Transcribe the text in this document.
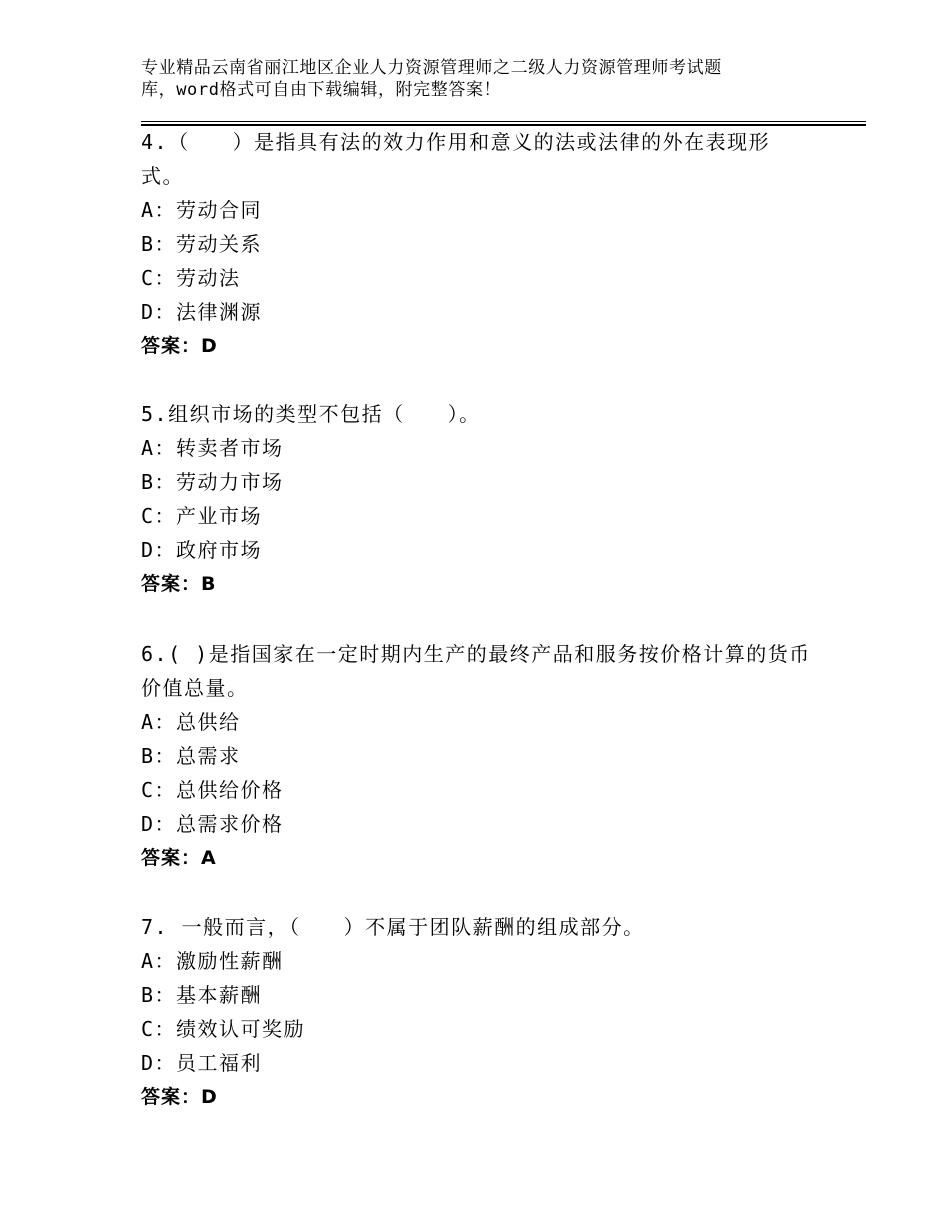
专业精品云南省丽江地区企业人力资源管理师之二级人力资源管理师考试题
库，word格式可自由下载编辑，附完整答案！
4.（　　）是指具有法的效力作用和意义的法或法律的外在表现形
式。
A：劳动合同
B：劳动关系
C：劳动法
D：法律渊源
答案：D
5.组织市场的类型不包括（　　）。
A：转卖者市场
B：劳动力市场
C：产业市场
D：政府市场
答案：B
6.( )是指国家在一定时期内生产的最终产品和服务按价格计算的货币
价值总量。
A：总供给
B：总需求
C：总供给价格
D：总需求价格
答案：A
7. 一般而言，（　　）不属于团队薪酬的组成部分。
A：激励性薪酬
B：基本薪酬
C：绩效认可奖励
D：员工福利
答案：D
